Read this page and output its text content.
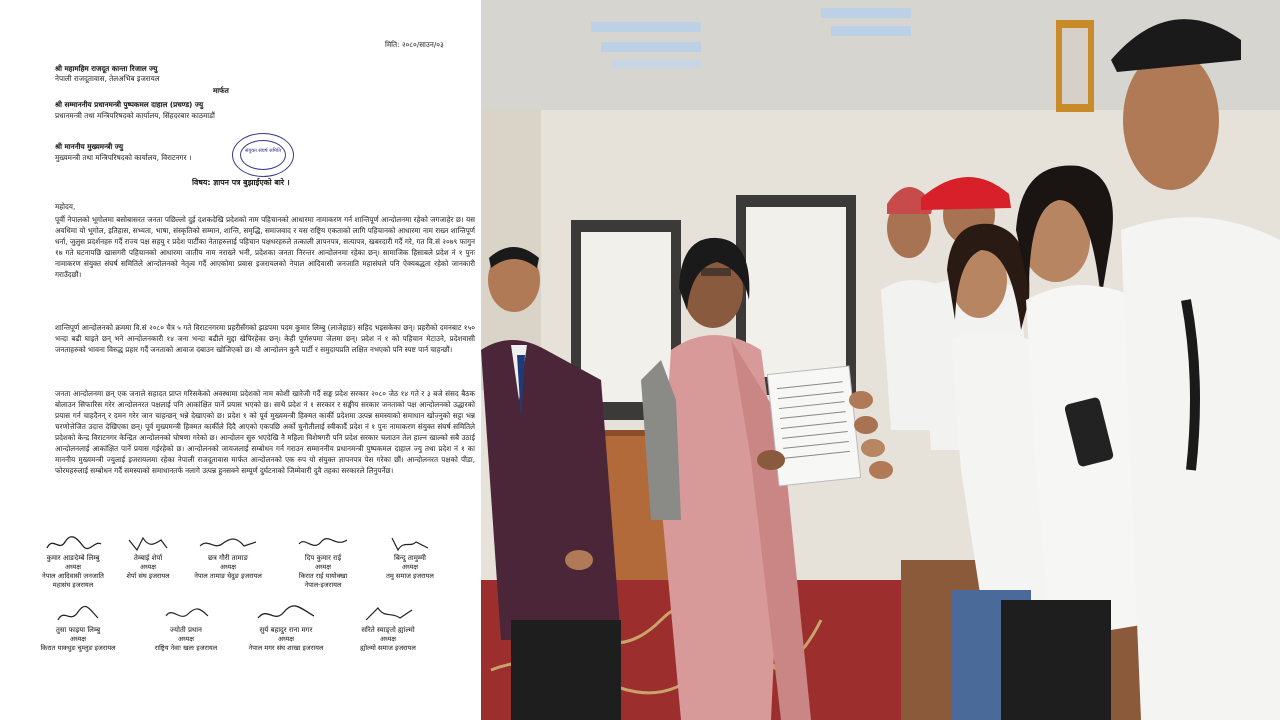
मिति: २०८०/साउन/०३
श्री महामहिम राजदूत कान्ता रिजाल ज्यु
नेपाली राजदूतावास, तेलअभिब इजरायल
मार्फत
श्री सम्माननीय प्रधानमन्त्री पुष्पकमल दाहाल (प्रचण्ड) ज्यु
प्रधानमन्त्री तथा मन्त्रिपरिषदको कार्यालय, सिंहदरबार काठमाडौं
श्री माननीय मुख्यमन्त्री ज्यु
मुख्यमन्त्री तथा मन्त्रिपरिषदको कार्यालय, विराटनगर ।
संयुक्त संघर्ष समिति
विषय: ज्ञापन पत्र बुझाईएको बारे ।
महोदय,
पूर्वी नेपालको भूगोलमा बसोबासरत जनता पछिल्लो दुई दशकदेखि प्रदेशको नाम पहिचानको आधारमा नामाकरण गर्न शान्तिपूर्ण आन्दोलनमा रहेको जगजाहेर छ। यस अवधिमा यो भूगोल, इतिहास, सभ्यता, भाषा, संस्कृतिको सम्मान, शान्ति, समृद्धि, समाजवाद र यस राष्ट्रिय एकताको लागि पहिचानको आधारमा नाम राख्न शान्तिपूर्ण धर्ना, जुलुस प्रदर्शनहरु गर्दै राज्य पक्ष सहयु र प्रदेश पार्टीका नेताहरुलाई पहिचान पक्षधरहरुले तत्काली ज्ञापनपत्र, सत्यापत्र, खबरदारी गर्दै गरे, गत वि.सं २०७९ फागुन १७ गते घटनापछि खासगरी पहिचानको आधारमा जातीय नाम नराख्ने भनी, प्रदेशका जनता निरन्तर आन्दोलनमा रहेका छन्। सामाजिक हिसाबले प्रदेश नं १ पुनः नामाकरण संयुक्त संघर्ष समितिले आन्दोलनको नेतृत्व गर्दै आएकोमा प्रवास इजरायलको नेपाल आदिवासी जनजाति महासंघले पनि ऐक्यबद्धता रहेको जानकारी गराउँदछौं।
शान्तिपूर्ण आन्दोलनको क्रममा वि.सं २०८० चैत्र ५ गते विराटनगरमा प्रहरीसँगको झडपमा पदम कुमार लिम्बु (लाजेहाङ) सहिद भइसकेका छन्। प्रहरीको दमनबाट १५० भन्दा बढी घाइते छन् भने आन्दोलनकारी १४ जना भन्दा बढीले मुद्दा खेपिरहेका छन्। केही पूर्णरुपमा जेलमा छन्। प्रदेश नं १ को पहिचान मेटाउने, प्रदेशवासी जनताहरुको भावना विरुद्ध प्रहार गर्दै जनताको आवाज दबाउन खोजिएको छ। यो आन्दोलन कुनै पार्टी र समुदायप्रति लक्षित नभएको पनि स्पष्ट पार्न चाहन्छौं।
जनता आन्दोलनमा छन् एक जनाले सहादत प्राप्त गरिसकेको अवस्थामा प्रदेशको नाम कोशी खारेजी गर्दै सङ्घ प्रदेश सरकार २०८० जेठ १४ गते र ३ बजे संसद बैठक बोलाउन सिफारिस गरेर आन्दोलनरत पक्षलाई पनि आकांक्षित पार्ने प्रयास भएको छ। साथै प्रदेश नं १ सरकार र सङ्घीय सरकार जनताको पक्ष आन्दोलनको उद्धारको प्रयास गर्न चाहदैनन् र दमन गरेर जान चाहन्छन् भन्ने देखाएको छ। प्रदेश १ को पूर्व मुख्यमन्त्री हिक्मत कार्की प्रदेशमा उत्पन्न समस्याको समाधान खोज्नुको सट्टा भन्न चरणोत्तेजित उदात्त देखिएका छन्। पूर्व मुख्यमन्त्री हिक्मत कार्कीले दिदै आएको एकपछि अर्को चुनौतीलाई स्वीकार्दै प्रदेश नं १ पुनः नामाकरण संयुक्त संघर्ष समितिले प्रदेशको केन्द्र विराटनगर केन्द्रित आन्दोलनको घोषणा गरेको छ। आन्दोलन सुरु भएदेखि नै महिला विशेषगरी पनि प्रदेश सरकार चलाउन तेल हाल्न खाल्को सबै उठाई आन्दोलनलाई आकांक्षित पार्ने प्रयास गईरहेको छ। आन्दोलनको जायजलाई सम्बोधन गर्न गराउन सम्माननीय प्रधानमन्त्री पुष्पकमल दाहाल ज्यु तथा प्रदेश नं १ का माननीय मुख्यमन्त्री ज्युलाई इजरायलमा रहेका नेपाली राजदूतावास मार्फत आन्दोलनको एक रुप यो संयुक्त ज्ञापनपत्र पेस गरेका छौं। आन्दोलनरत पक्षको पीडा, फोरमहरुलाई सम्बोधन गर्दै समस्याको समाधानतर्फ नलागे उत्पन्न हुनसक्ने सम्पूर्ण दुर्घटनाको जिम्मेवारी दुवै तहका सरकारले लिनुपर्नेछ।
कुमार आङदेम्बे लिम्बु
अध्यक्ष
नेपाल आदिवासी जनजाति
महासंघ इजरायल
तेम्बाई शेर्पा
अध्यक्ष
शेर्पा संघ इजरायल
छत्र गौरी तामाङ
अध्यक्ष
नेपाल तामाङ घेदुङ इजरायल
दिप कुमार राई
अध्यक्ष
किरात राई यायोक्खा
नेपाल-इजरायल
बिन्दु तामुम्मी
अध्यक्ष
तमु समाज इजरायल
तुसा फाइया लिम्बु
अध्यक्ष
किरात याक्थुङ चुम्लुङ इजरायल
ज्योती प्रधान
अध्यक्ष
राष्ट्रिय नेवाः खलः इजरायल
सुर्य बहादुर राना मगर
अध्यक्ष
नेपाल मगर संघ शाखा इजरायल
सरिते स्याङ्तो ह्यांल्मो
अध्यक्ष
ह्योल्मो समाज इजरायल
